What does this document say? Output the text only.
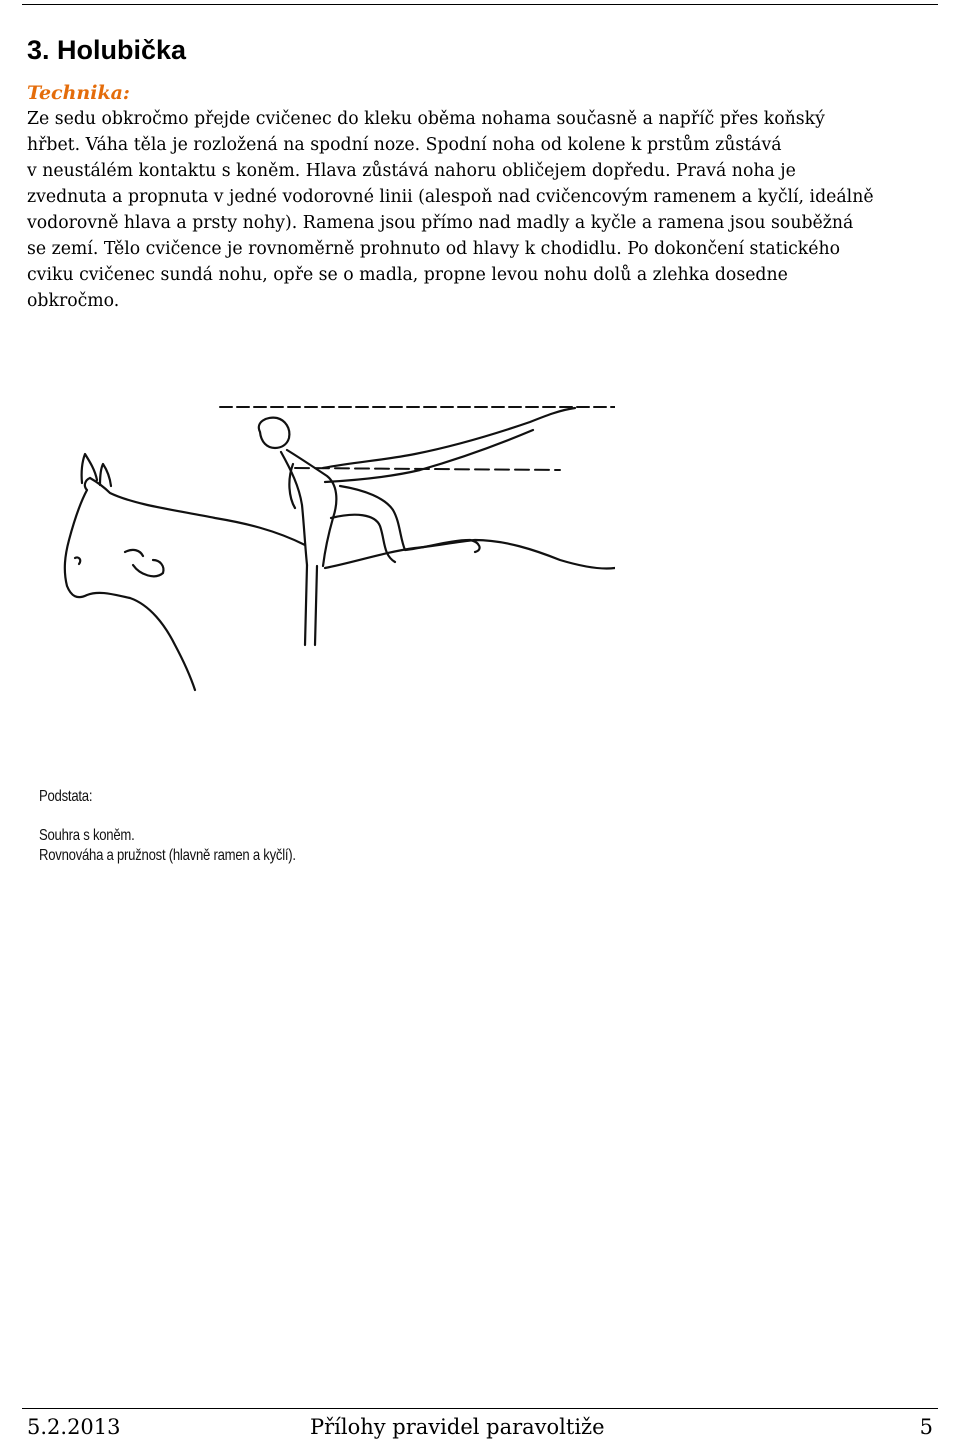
3. Holubička
Technika:
Ze sedu obkročmo přejde cvičenec do kleku oběma nohama současně a napříč přes koňský
hřbet. Váha těla je rozložená na spodní noze. Spodní noha od kolene k prstům zůstává
v neustálém kontaktu s koněm. Hlava zůstává nahoru obličejem dopředu. Pravá noha je
zvednuta a propnuta v jedné vodorovné linii (alespoň nad cvičencovým ramenem a kyčlí, ideálně
vodorovně hlava a prsty nohy). Ramena jsou přímo nad madly a kyčle a ramena jsou souběžná
se zemí. Tělo cvičence je rovnoměrně prohnuto od hlavy k chodidlu. Po dokončení statického
cviku cvičenec sundá nohu, opře se o madla, propne levou nohu dolů a zlehka dosedne
obkročmo.
Podstata:
Souhra s koněm.
Rovnováha a pružnost (hlavně ramen a kyčlí).
5.2.2013	Přílohy pravidel paravoltiže	5
